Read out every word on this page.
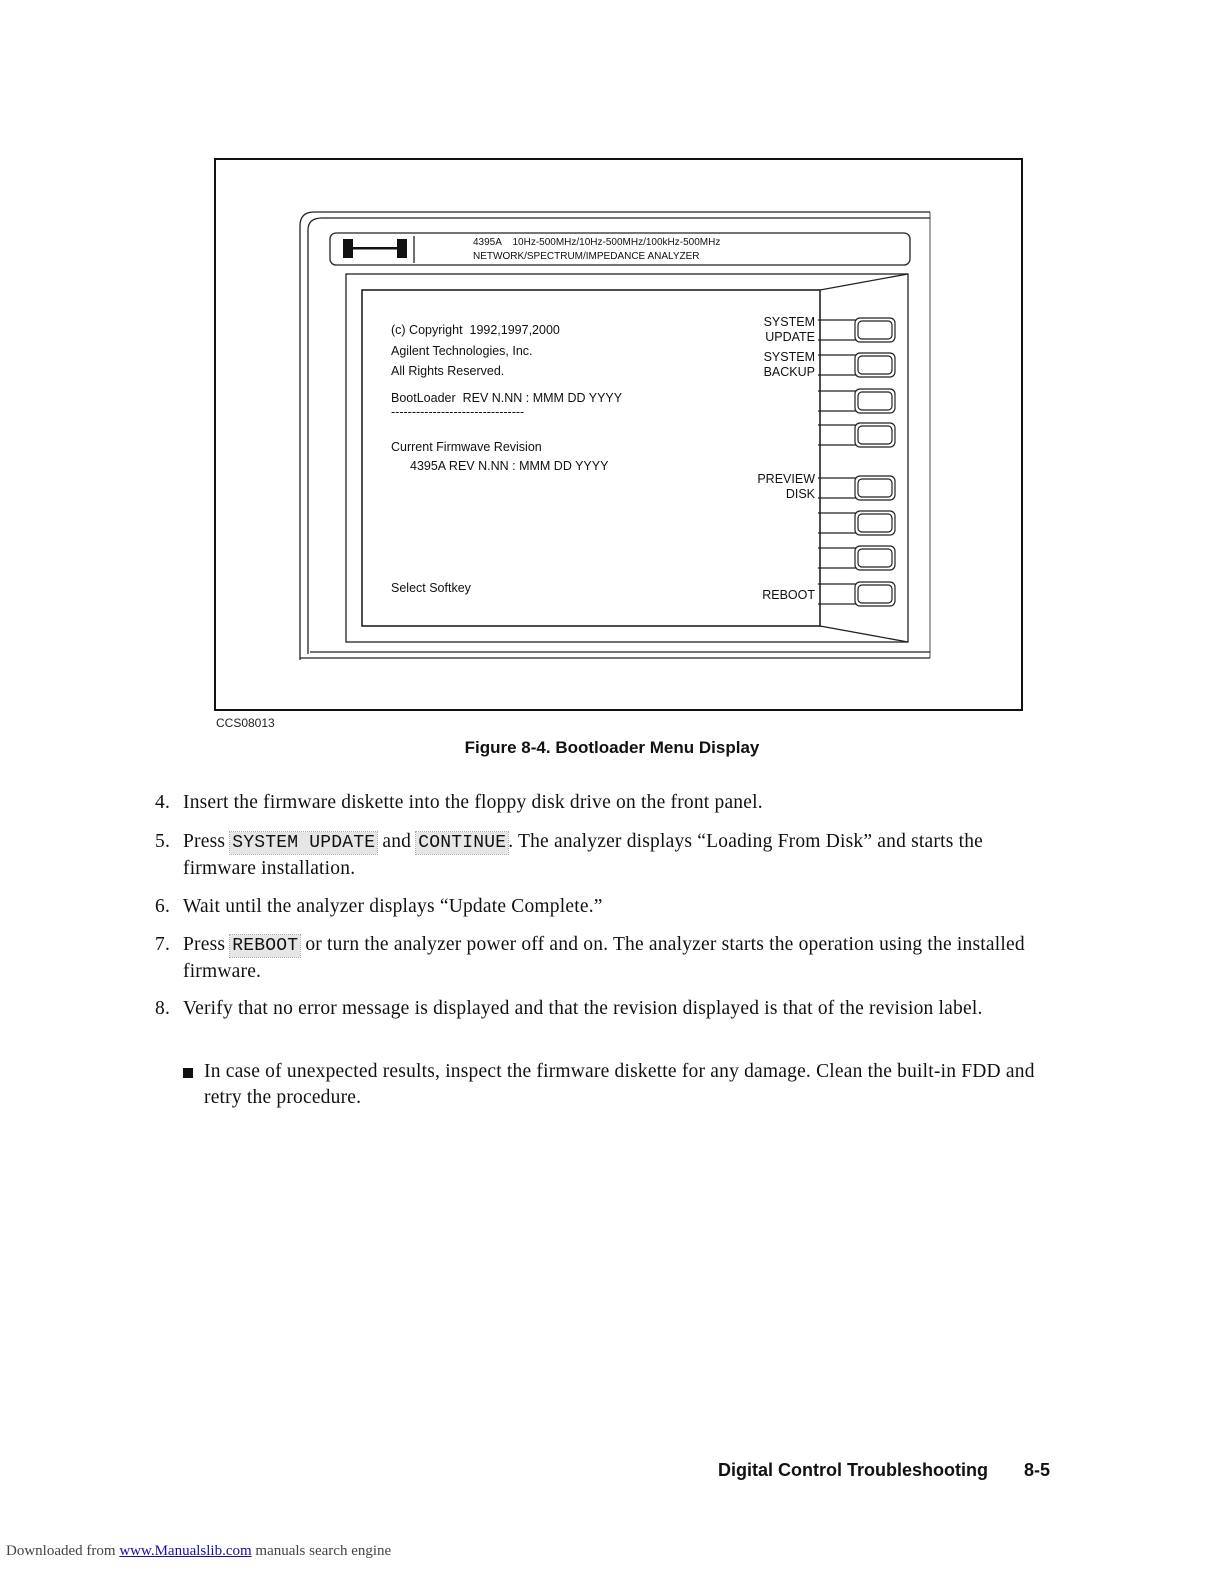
4395A    10Hz-500MHz/10Hz-500MHz/100kHz-500MHz
NETWORK/SPECTRUM/IMPEDANCE ANALYZER
(c) Copyright  1992,1997,2000
Agilent Technologies, Inc.
All Rights Reserved.
BootLoader  REV N.NN : MMM DD YYYY
--------------------------------
Current Firmwave Revision
4395A REV N.NN : MMM DD YYYY
Select Softkey
SYSTEM
UPDATE
SYSTEM
BACKUP
PREVIEW
DISK
REBOOT
CCS08013
Figure 8-4. Bootloader Menu Display
4. Insert the firmware diskette into the floppy disk drive on the front panel.
5. Press SYSTEM UPDATE and CONTINUE . The analyzer displays “Loading From Disk” and starts the firmware installation.
6. Wait until the analyzer displays “Update Complete.”
7. Press REBOOT or turn the analyzer power off and on. The analyzer starts the operation using the installed firmware.
8. Verify that no error message is displayed and that the revision displayed is that of the revision label.
In case of unexpected results, inspect the firmware diskette for any damage. Clean the built-in FDD and retry the procedure.
Digital Control Troubleshooting 8-5
Downloaded from www.Manualslib.com manuals search engine
